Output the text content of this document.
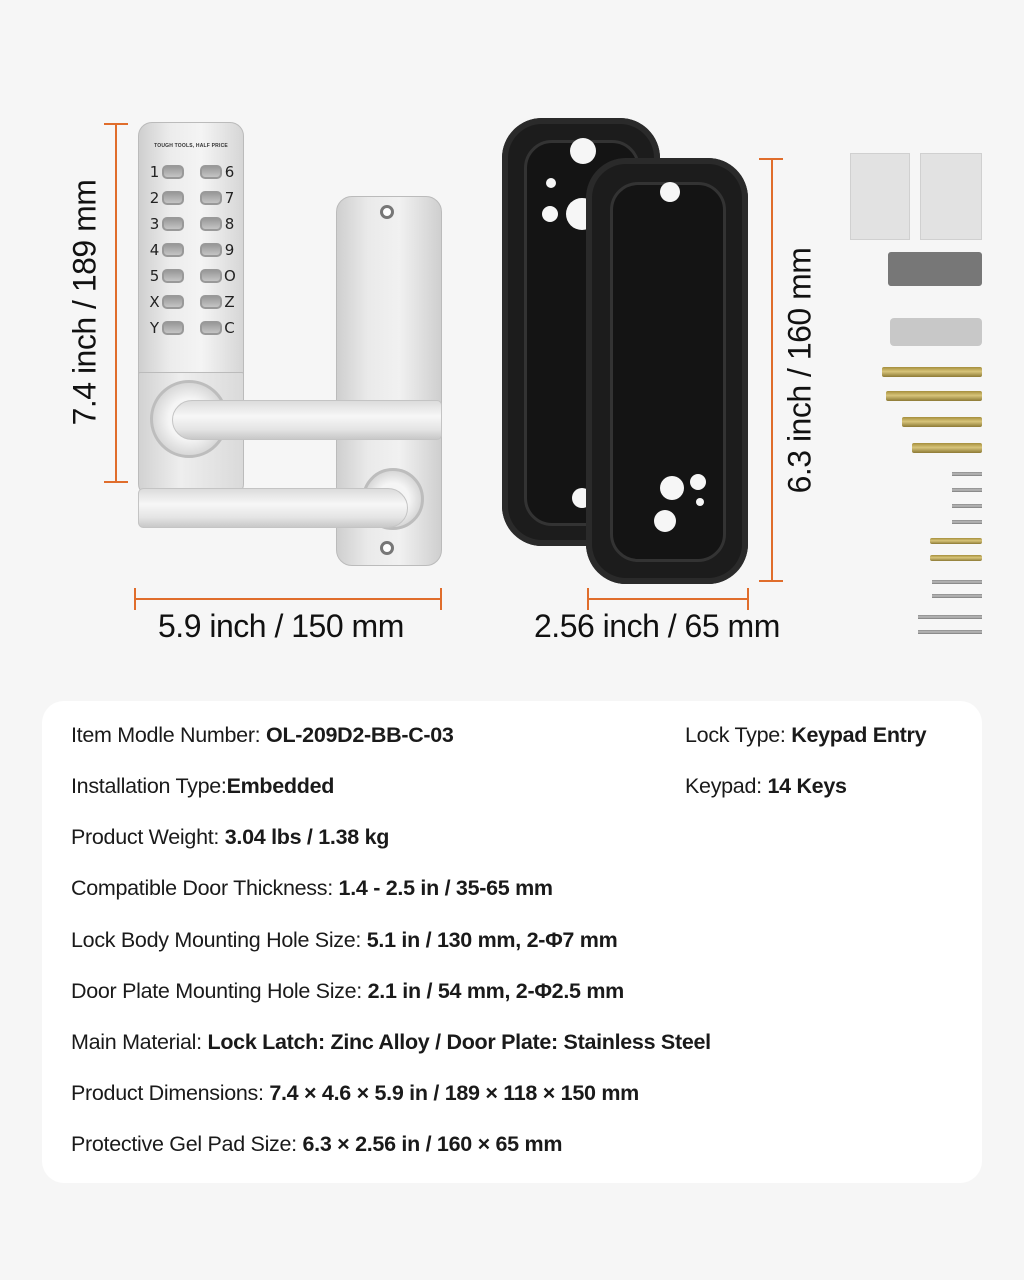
7.4 inch / 189 mm
TOUGH TOOLS, HALF PRICE
1	6
2	7
3	8
4	9
5	O
X	Z
Y	C
5.9 inch / 150 mm
6.3 inch / 160 mm
2.56 inch / 65 mm
Item Modle Number: OL-209D2-BB-C-03	Lock Type: Keypad Entry
Installation Type:Embedded	Keypad: 14 Keys
Product Weight: 3.04 lbs / 1.38 kg
Compatible Door Thickness: 1.4 - 2.5 in / 35-65 mm
Lock Body Mounting Hole Size: 5.1 in / 130 mm, 2-Φ7 mm
Door Plate Mounting Hole Size: 2.1 in / 54 mm, 2-Φ2.5 mm
Main Material: Lock Latch: Zinc Alloy / Door Plate: Stainless Steel
Product Dimensions: 7.4 × 4.6 × 5.9 in / 189 × 118 × 150 mm
Protective Gel Pad Size: 6.3 × 2.56 in / 160 × 65 mm
